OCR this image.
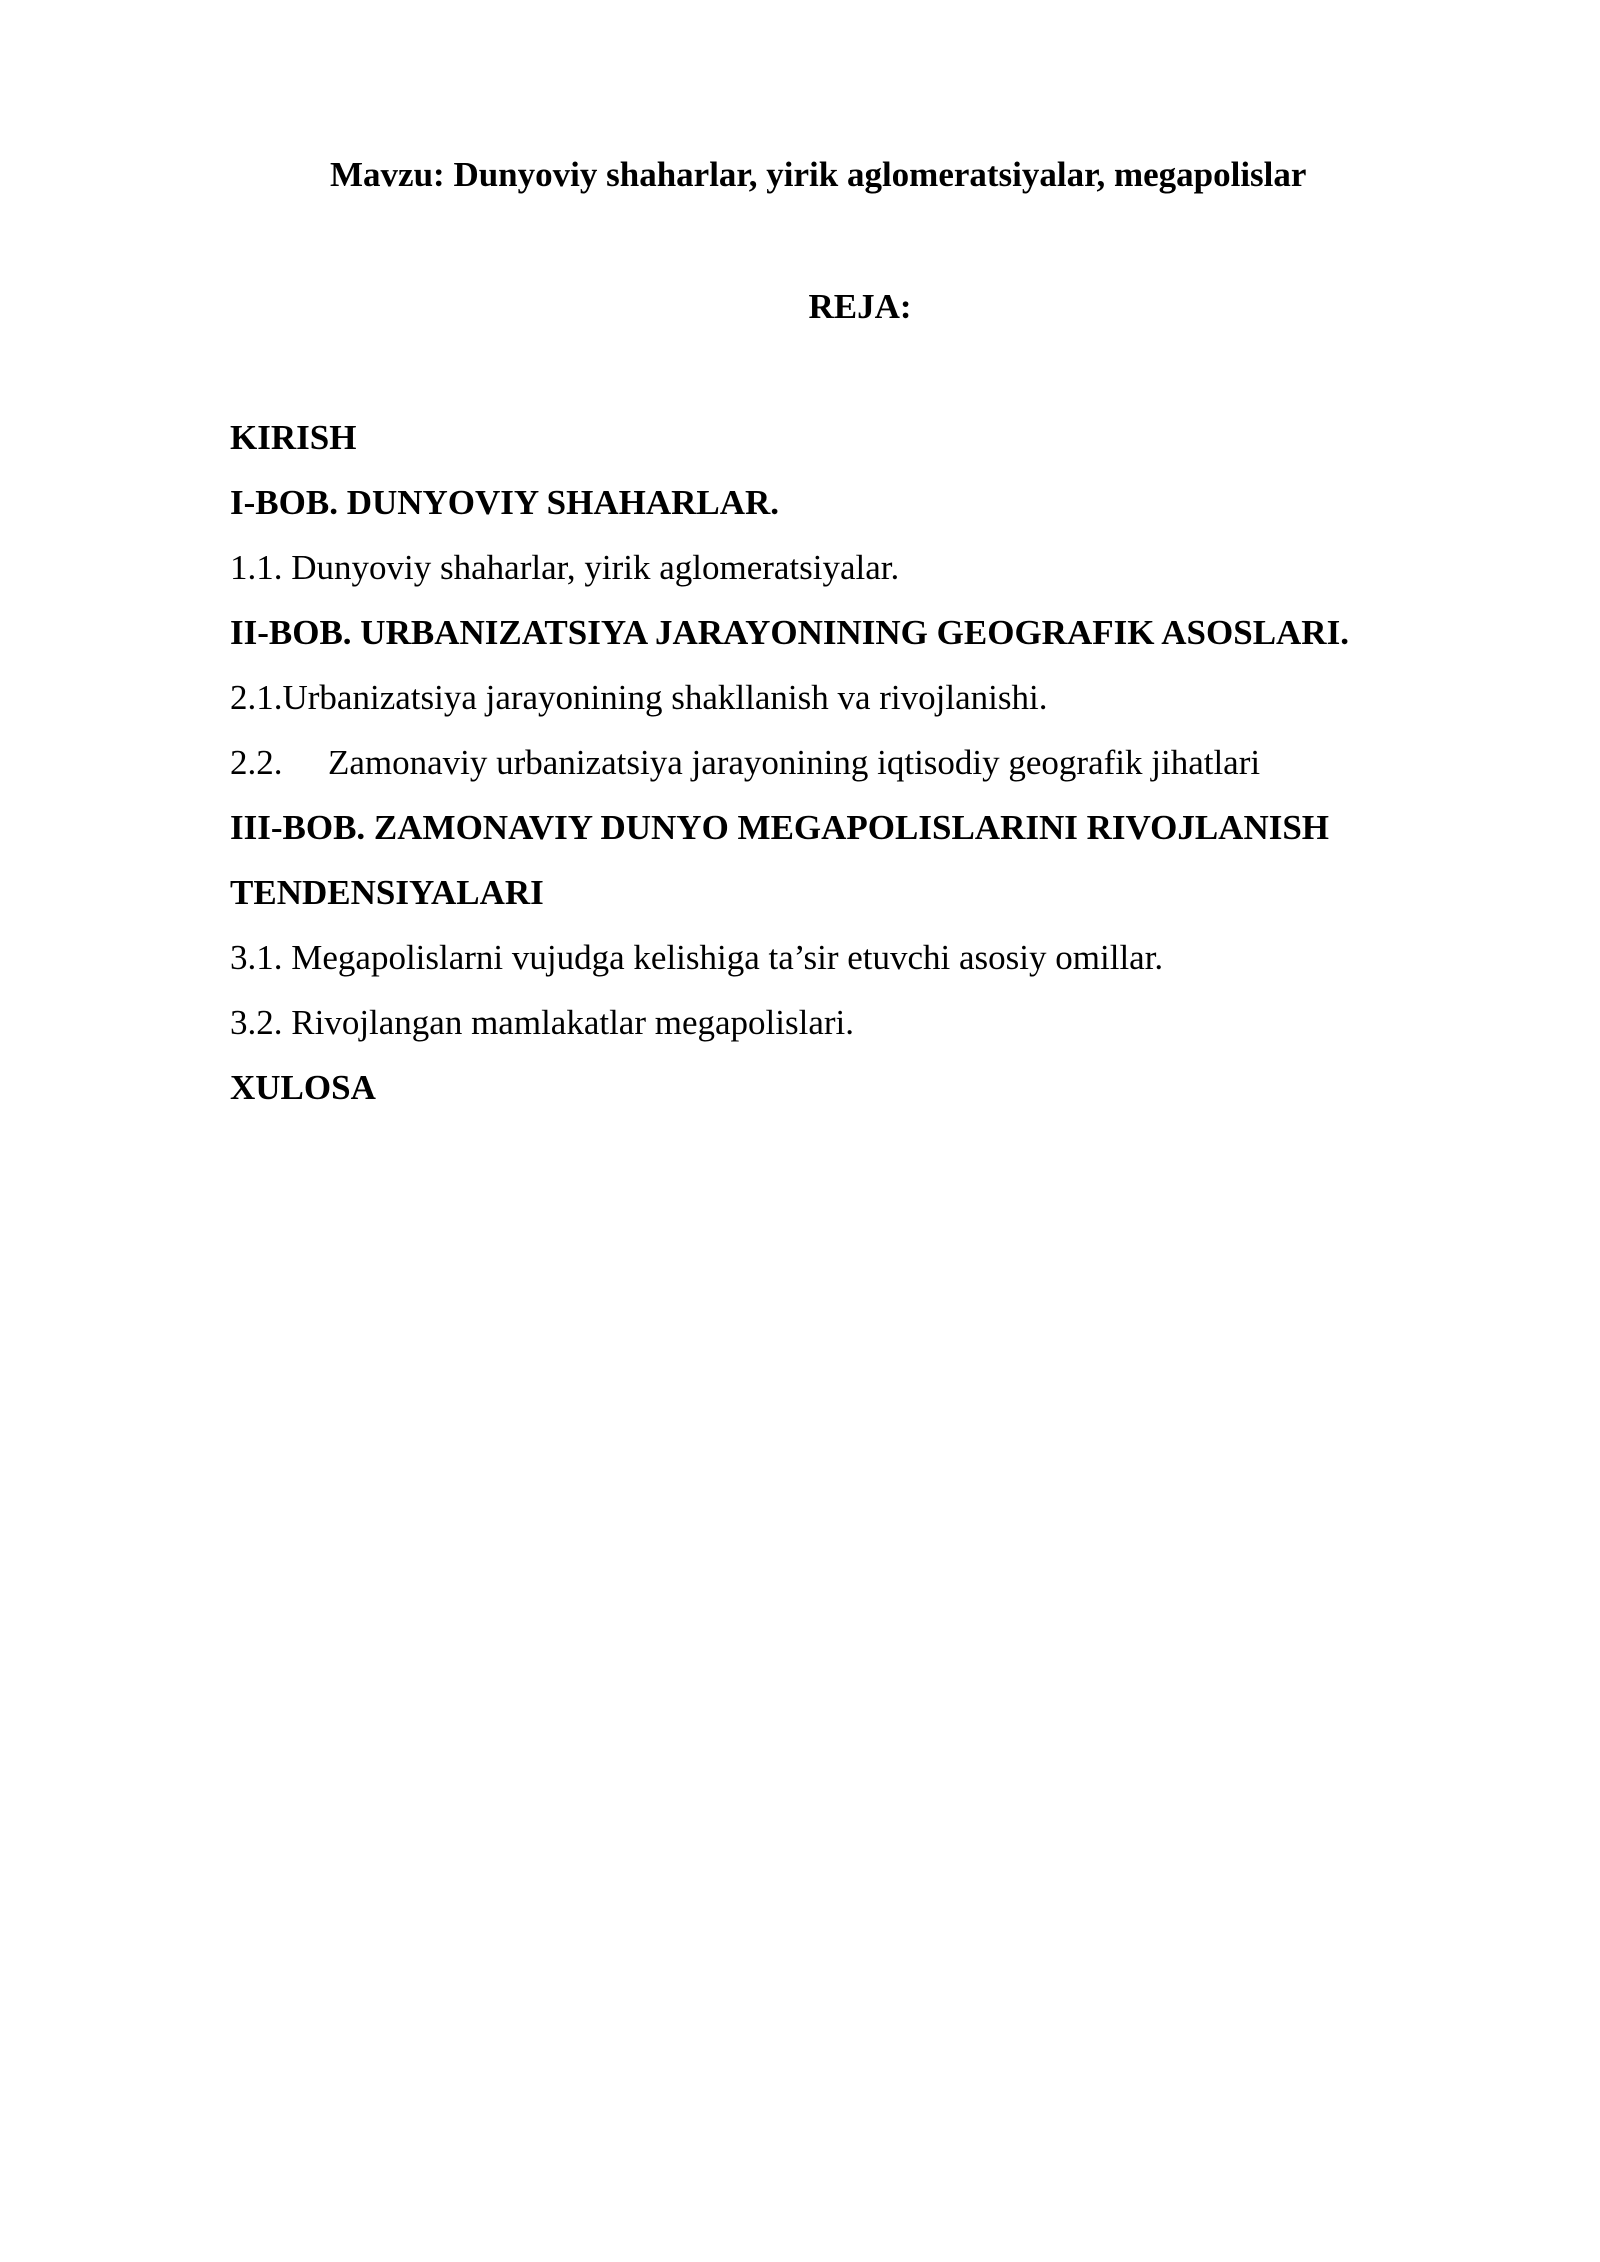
Mavzu: Dunyoviy shaharlar, yirik aglomeratsiyalar, megapolislar
REJA:
KIRISH
I-BOB. DUNYOVIY SHAHARLAR.
1.1. Dunyoviy shaharlar, yirik aglomeratsiyalar.
II-BOB. URBANIZATSIYA JARAYONINING GEOGRAFIK ASOSLARI.
2.1.Urbanizatsiya jarayonining shakllanish va rivojlanishi.
2.2. Zamonaviy urbanizatsiya jarayonining iqtisodiy geografik jihatlari
III-BOB. ZAMONAVIY DUNYO MEGAPOLISLARINI RIVOJLANISH
TENDENSIYALARI
3.1. Megapolislarni vujudga kelishiga ta’sir etuvchi asosiy omillar.
3.2. Rivojlangan mamlakatlar megapolislari.
XULOSA
